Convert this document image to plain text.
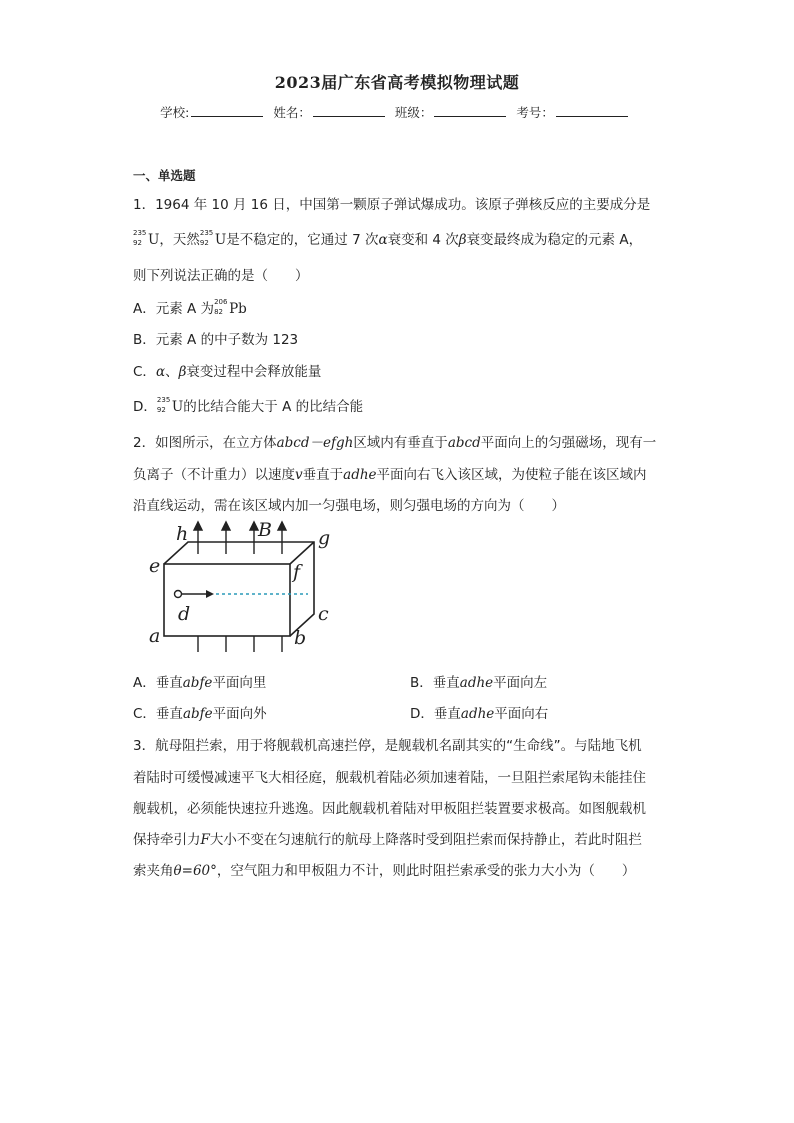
2023届广东省高考模拟物理试题
学校:	姓名：	班级：	考号：
一、单选题
1．1964 年 10 月 16 日，中国第一颗原子弹试爆成功。该原子弹核反应的主要成分是
235
92 U，天然 235
92 U是不稳定的，它通过 7 次α衰变和 4 次β衰变最终成为稳定的元素 A，
则下列说法正确的是（　　）
A．元素 A 为 206
82 Pb
B．元素 A 的中子数为 123
C．α、β衰变过程中会释放能量
D． 235
92 U的比结合能大于 A 的比结合能
2．如图所示，在立方体abcd－efgh区域内有垂直于abcd平面向上的匀强磁场，现有一
负离子（不计重力）以速度v垂直于adhe平面向右飞入该区域，为使粒子能在该区域内
沿直线运动，需在该区域内加一匀强电场，则匀强电场的方向为（　　）
h	B g
e	f
d	c
a	b
A．垂直abfe平面向里	B．垂直adhe平面向左
C．垂直abfe平面向外	D．垂直adhe平面向右
3．航母阻拦索，用于将舰载机高速拦停，是舰载机名副其实的“生命线”。与陆地飞机
着陆时可缓慢减速平飞大相径庭，舰载机着陆必须加速着陆，一旦阻拦索尾钩未能挂住
舰载机，必须能快速拉升逃逸。因此舰载机着陆对甲板阻拦装置要求极高。如图舰载机
保持牵引力F大小不变在匀速航行的航母上降落时受到阻拦索而保持静止，若此时阻拦
索夹角θ=60°，空气阻力和甲板阻力不计，则此时阻拦索承受的张力大小为（　　）
